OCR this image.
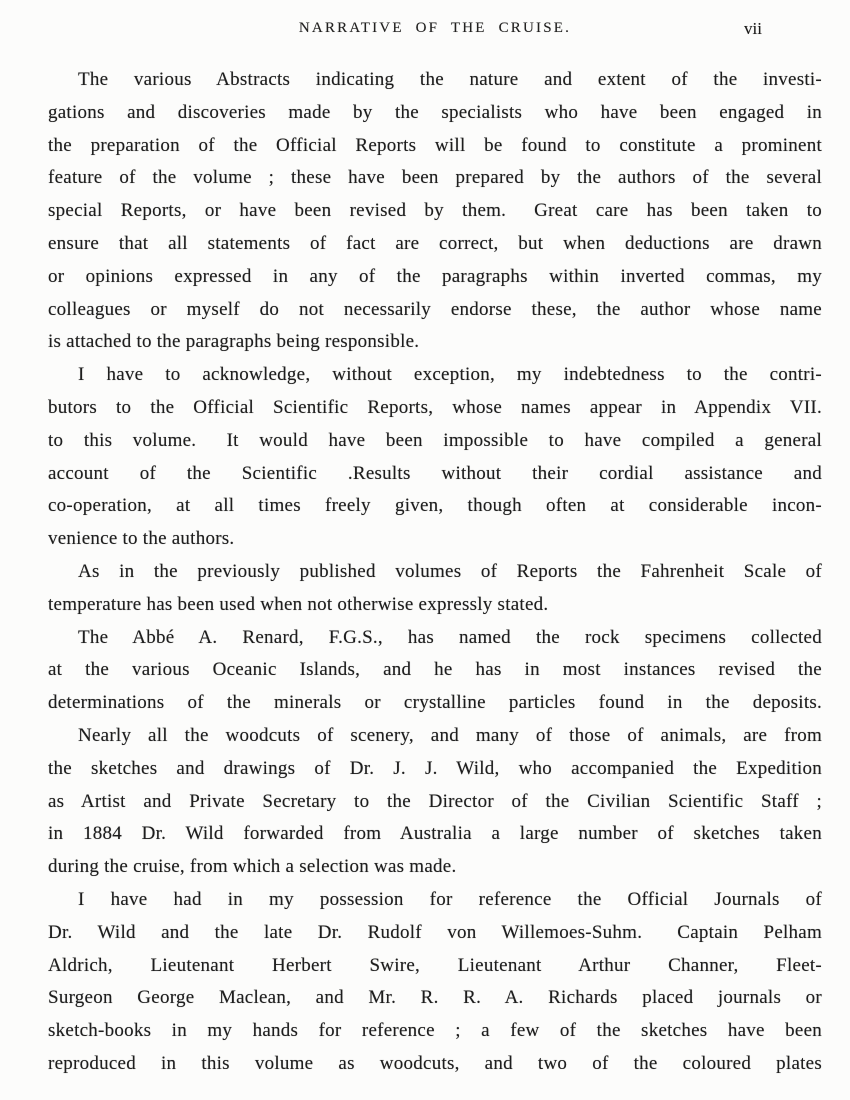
NARRATIVE OF THE CRUISE.	vii
The various Abstracts indicating the nature and extent of the investi-
gations and discoveries made by the specialists who have been engaged in
the preparation of the Official Reports will be found to constitute a prominent
feature of the volume ; these have been prepared by the authors of the several
special Reports, or have been revised by them.  Great care has been taken to
ensure that all statements of fact are correct, but when deductions are drawn
or opinions expressed in any of the paragraphs within inverted commas, my
colleagues or myself do not necessarily endorse these, the author whose name
is attached to the paragraphs being responsible.
I have to acknowledge, without exception, my indebtedness to the contri-
butors to the Official Scientific Reports, whose names appear in Appendix VII.
to this volume.  It would have been impossible to have compiled a general
account of the Scientific .Results without their cordial assistance and
co-operation, at all times freely given, though often at considerable incon-
venience to the authors.
As in the previously published volumes of Reports the Fahrenheit Scale of
temperature has been used when not otherwise expressly stated.
The Abbé A. Renard, F.G.S., has named the rock specimens collected
at the various Oceanic Islands, and he has in most instances revised the
determinations of the minerals or crystalline particles found in the deposits.
Nearly all the woodcuts of scenery, and many of those of animals, are from
the sketches and drawings of Dr. J. J. Wild, who accompanied the Expedition
as Artist and Private Secretary to the Director of the Civilian Scientific Staff ;
in 1884 Dr. Wild forwarded from Australia a large number of sketches taken
during the cruise, from which a selection was made.
I have had in my possession for reference the Official Journals of
Dr. Wild and the late Dr. Rudolf von Willemoes-Suhm.  Captain Pelham
Aldrich, Lieutenant Herbert Swire, Lieutenant Arthur Channer, Fleet-
Surgeon George Maclean, and Mr. R. R. A. Richards placed journals or
sketch-books in my hands for reference ; a few of the sketches have been
reproduced in this volume as woodcuts, and two of the coloured plates
